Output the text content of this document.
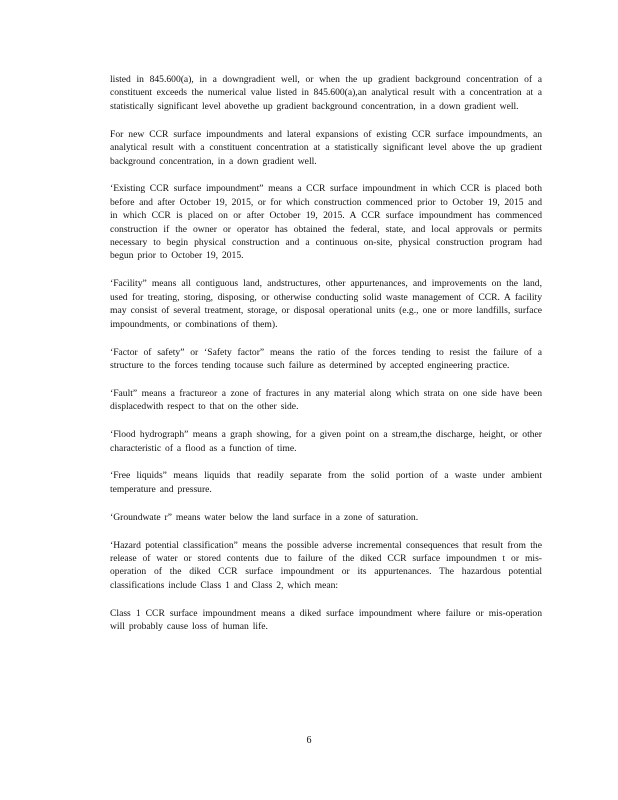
listed in 845.600(a), in a downgradient well, or when the up gradient background concentration of a constituent exceeds the numerical value listed in 845.600(a),an analytical result with a concentration at a statistically significant level abovethe up gradient background concentration, in a down gradient well.

For new CCR surface impoundments and lateral expansions of existing CCR surface impoundments, an analytical result with a constituent concentration at a statistically significant level above the up gradient background concentration, in a down gradient well.

‘Existing CCR surface impoundment” means a CCR surface impoundment in which CCR is placed both before and after October 19, 2015, or for which construction commenced prior to October 19, 2015 and in which CCR is placed on or after October 19, 2015. A CCR surface impoundment has commenced construction if the owner or operator has obtained the federal, state, and local approvals or permits necessary to begin physical construction and a continuous on-site, physical construction program had begun prior to October 19, 2015.

‘Facility” means all contiguous land, andstructures, other appurtenances, and improvements on the land, used for treating, storing, disposing, or otherwise conducting solid waste management of CCR. A facility may consist of several treatment, storage, or disposal operational units (e.g., one or more landfills, surface impoundments, or combinations of them).

‘Factor of safety” or ‘Safety factor” means the ratio of the forces tending to resist the failure of a structure to the forces tending tocause such failure as determined by accepted engineering practice.

‘Fault” means a fractureor a zone of fractures in any material along which strata on one side have been displacedwith respect to that on the other side.

‘Flood hydrograph” means a graph showing, for a given point on a stream,the discharge, height, or other characteristic of a flood as a function of time.

‘Free liquids” means liquids that readily separate from the solid portion of a waste under ambient temperature and pressure.

‘Groundwate r” means water below the land surface in a zone of saturation.

‘Hazard potential classification” means the possible adverse incremental consequences that result from the release of water or stored contents due to failure of the diked CCR surface impoundmen t or mis-operation of the diked CCR surface impoundment or its appurtenances. The hazardous potential classifications include Class 1 and Class 2, which mean:

Class 1 CCR surface impoundment means a diked surface impoundment where failure or mis-operation will probably cause loss of human life.

6
